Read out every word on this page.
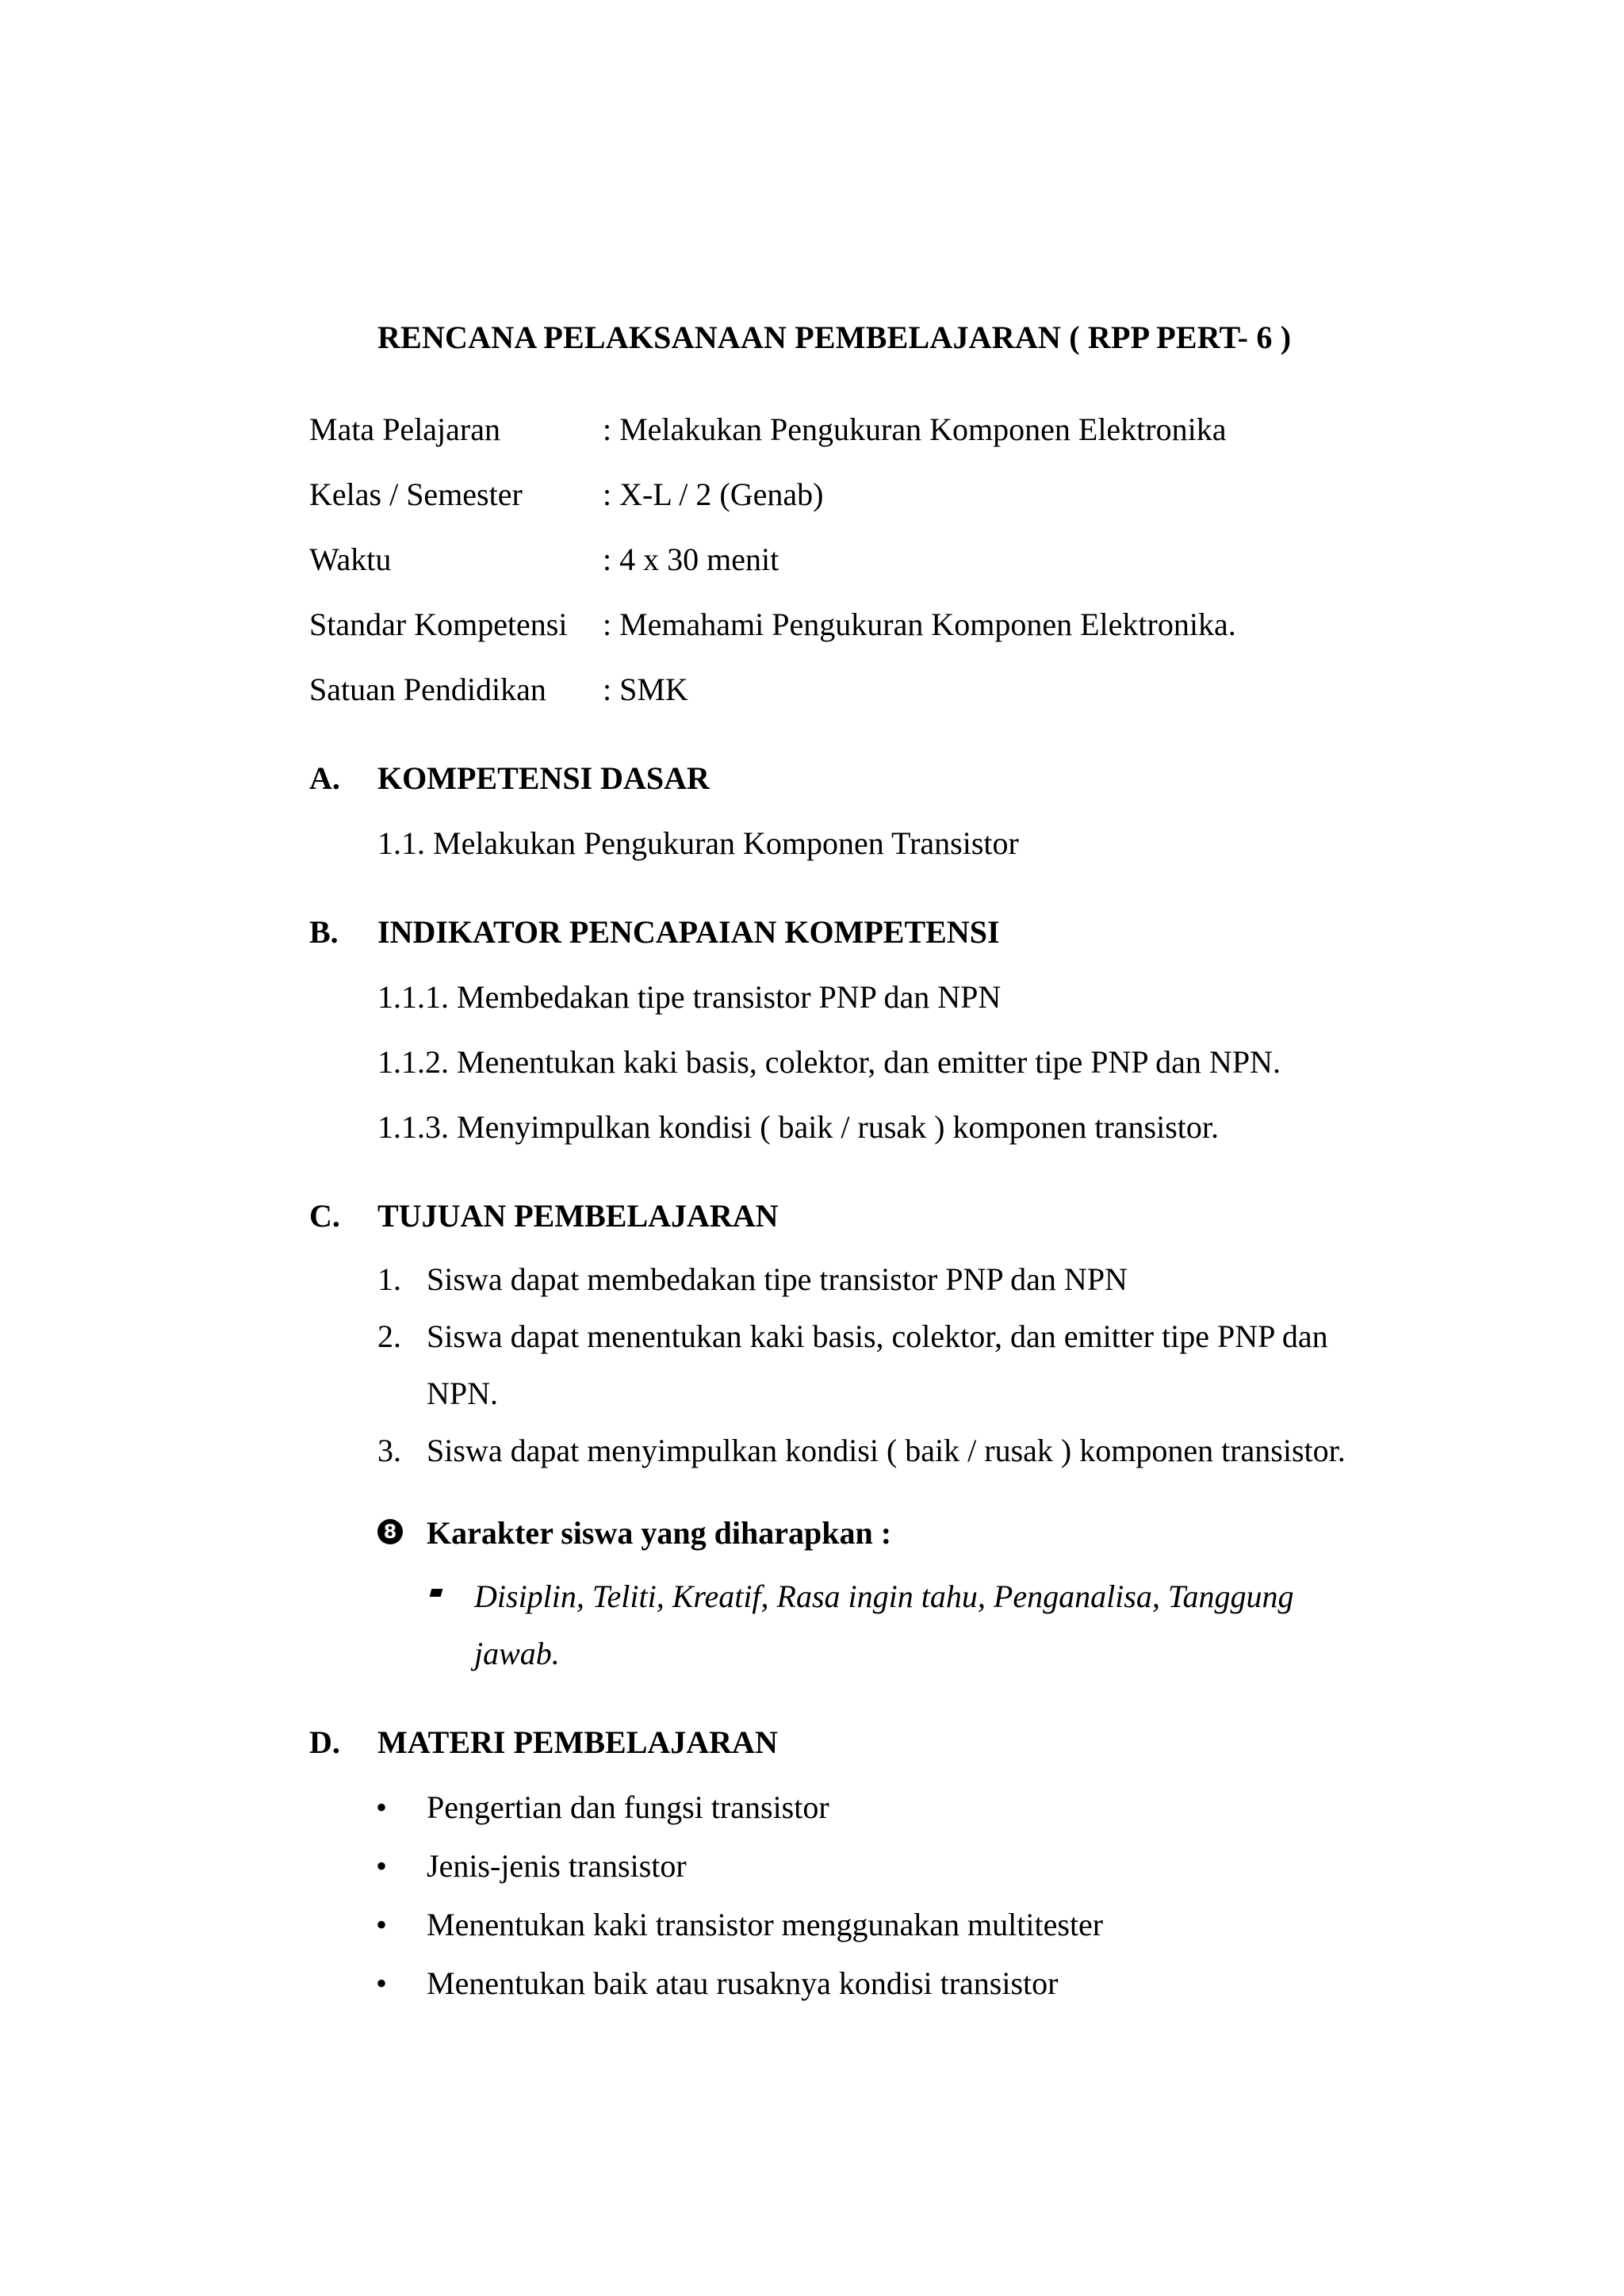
RENCANA PELAKSANAAN PEMBELAJARAN ( RPP PERT- 6 )
Mata Pelajaran	: Melakukan Pengukuran Komponen Elektronika
Kelas / Semester	: X-L / 2 (Genab)
Waktu	: 4 x 30 menit
Standar Kompetensi : Memahami Pengukuran Komponen Elektronika.
Satuan Pendidikan : SMK
A. KOMPETENSI DASAR
1.1. Melakukan Pengukuran Komponen Transistor
B. INDIKATOR PENCAPAIAN KOMPETENSI
1.1.1. Membedakan tipe transistor PNP dan NPN
1.1.2. Menentukan kaki basis, colektor, dan emitter tipe PNP dan NPN.
1.1.3. Menyimpulkan kondisi ( baik / rusak ) komponen transistor.
C. TUJUAN PEMBELAJARAN
1. Siswa dapat membedakan tipe transistor PNP dan NPN
2. Siswa dapat menentukan kaki basis, colektor, dan emitter tipe PNP dan
NPN.
3. Siswa dapat menyimpulkan kondisi ( baik / rusak ) komponen transistor.
8 Karakter siswa yang diharapkan :
Disiplin, Teliti, Kreatif, Rasa ingin tahu, Penganalisa, Tanggung
jawab.
D. MATERI PEMBELAJARAN
• Pengertian dan fungsi transistor
• Jenis-jenis transistor
• Menentukan kaki transistor menggunakan multitester
• Menentukan baik atau rusaknya kondisi transistor
